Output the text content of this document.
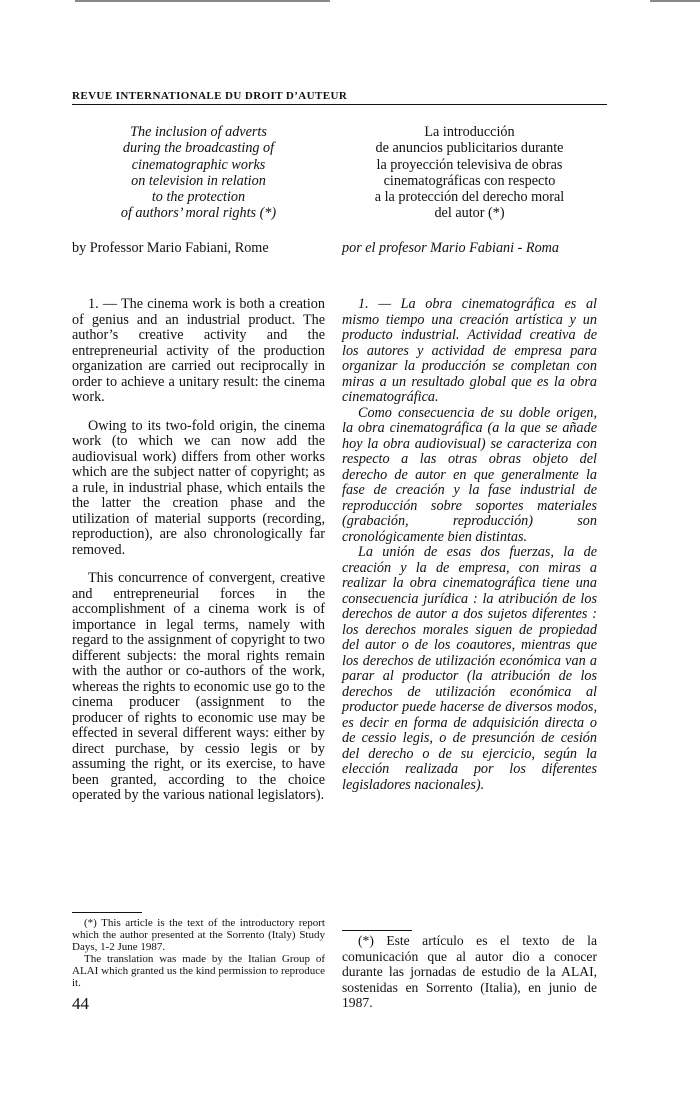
REVUE INTERNATIONALE DU DROIT D’AUTEUR
The inclusion of adverts
during the broadcasting of
cinematographic works
on television in relation
to the protection
of authors’ moral rights (*)
La introducción
de anuncios publicitarios durante
la proyección televisiva de obras
cinematográficas con respecto
a la protección del derecho moral
del autor (*)
by Professor Mario Fabiani, Rome	por el profesor Mario Fabiani - Roma

1. — The cinema work is both a creation of genius and an industrial product. The author’s creative activity and the entrepreneurial activity of the production organization are carried out reciprocally in order to achieve a unitary result: the cinema work.

Owing to its two-fold origin, the cinema work (to which we can now add the audiovisual work) differs from other works which are the subject natter of copyright; as a rule, in industrial phase, which entails the the latter the creation phase and the utilization of material supports (recording, reproduction), are also chronologically far removed.

This concurrence of convergent, creative and entrepreneurial forces in the accomplishment of a cinema work is of importance in legal terms, namely with regard to the assignment of copyright to two different subjects: the moral rights remain with the author or co-authors of the work, whereas the rights to economic use go to the cinema producer (assignment to the producer of rights to economic use may be effected in several different ways: either by direct purchase, by cessio legis or by assuming the right, or its exercise, to have been granted, according to the choice operated by the various national legislators).

1. — La obra cinematográfica es al mismo tiempo una creación artística y un producto industrial. Actividad creativa de los autores y actividad de empresa para organizar la producción se completan con miras a un resultado global que es la obra cinematográfica.

Como consecuencia de su doble origen, la obra cinematográfica (a la que se añade hoy la obra audiovisual) se caracteriza con respecto a las otras obras objeto del derecho de autor en que generalmente la fase de creación y la fase industrial de reproducción sobre soportes materiales (grabación, reproducción) son cronológicamente bien distintas.

La unión de esas dos fuerzas, la de creación y la de empresa, con miras a realizar la obra cinematográfica tiene una consecuencia jurídica : la atribución de los derechos de autor a dos sujetos diferentes : los derechos morales siguen de propiedad del autor o de los coautores, mientras que los derechos de utilización económica van a parar al productor (la atribución de los derechos de utilización económica al productor puede hacerse de diversos modos, es decir en forma de adquisición directa o de cessio legis, o de presunción de cesión del derecho o de su ejercicio, según la elección realizada por los diferentes legisladores nacionales).

(*) This article is the text of the introductory report which the author presented at the Sorrento (Italy) Study Days, 1-2 June 1987.

The translation was made by the Italian Group of ALAI which granted us the kind permission to reproduce it.

(*) Este artículo es el texto de la comunicación que al autor dio a conocer durante las jornadas de estudio de la ALAI, sostenidas en Sorrento (Italia), en junio de 1987.
44
